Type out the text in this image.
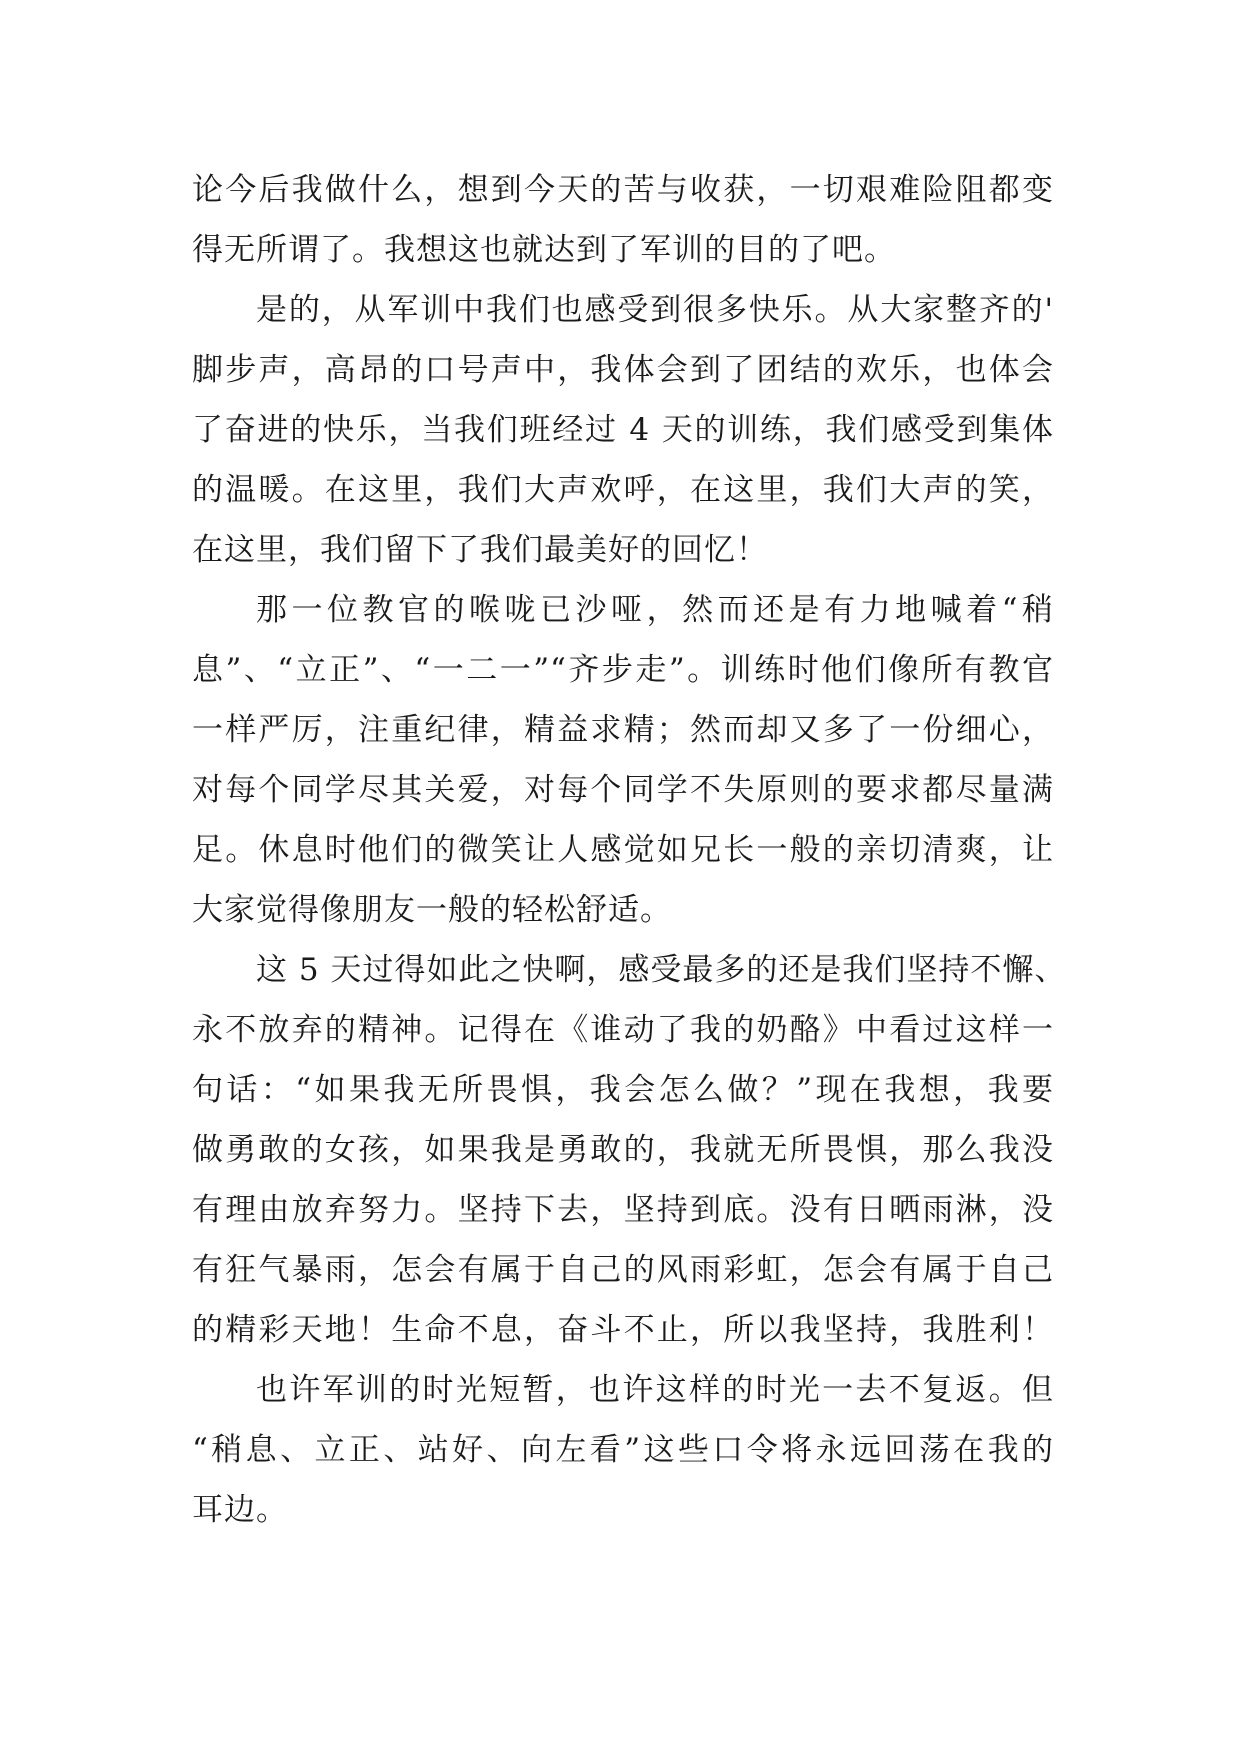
论今后我做什么，想到今天的苦与收获，一切艰难险阻都变
得无所谓了。我想这也就达到了军训的目的了吧。
是的，从军训中我们也感受到很多快乐。从大家整齐的'
脚步声，高昂的口号声中，我体会到了团结的欢乐，也体会
了奋进的快乐，当我们班经过 4 天的训练，我们感受到集体
的温暖。在这里，我们大声欢呼，在这里，我们大声的笑，
在这里，我们留下了我们最美好的回忆！
那一位教官的喉咙已沙哑，然而还是有力地喊着“稍
息”、“立正”、“一二一”“齐步走”。训练时他们像所有教官
一样严厉，注重纪律，精益求精；然而却又多了一份细心，
对每个同学尽其关爱，对每个同学不失原则的要求都尽量满
足。休息时他们的微笑让人感觉如兄长一般的亲切清爽，让
大家觉得像朋友一般的轻松舒适。
这 5 天过得如此之快啊，感受最多的还是我们坚持不懈、
永不放弃的精神。记得在《谁动了我的奶酪》中看过这样一
句话：“如果我无所畏惧，我会怎么做？”现在我想，我要
做勇敢的女孩，如果我是勇敢的，我就无所畏惧，那么我没
有理由放弃努力。坚持下去，坚持到底。没有日晒雨淋，没
有狂气暴雨，怎会有属于自己的风雨彩虹，怎会有属于自己
的精彩天地！生命不息，奋斗不止，所以我坚持，我胜利！
也许军训的时光短暂，也许这样的时光一去不复返。但
“稍息、立正、站好、向左看”这些口令将永远回荡在我的
耳边。
